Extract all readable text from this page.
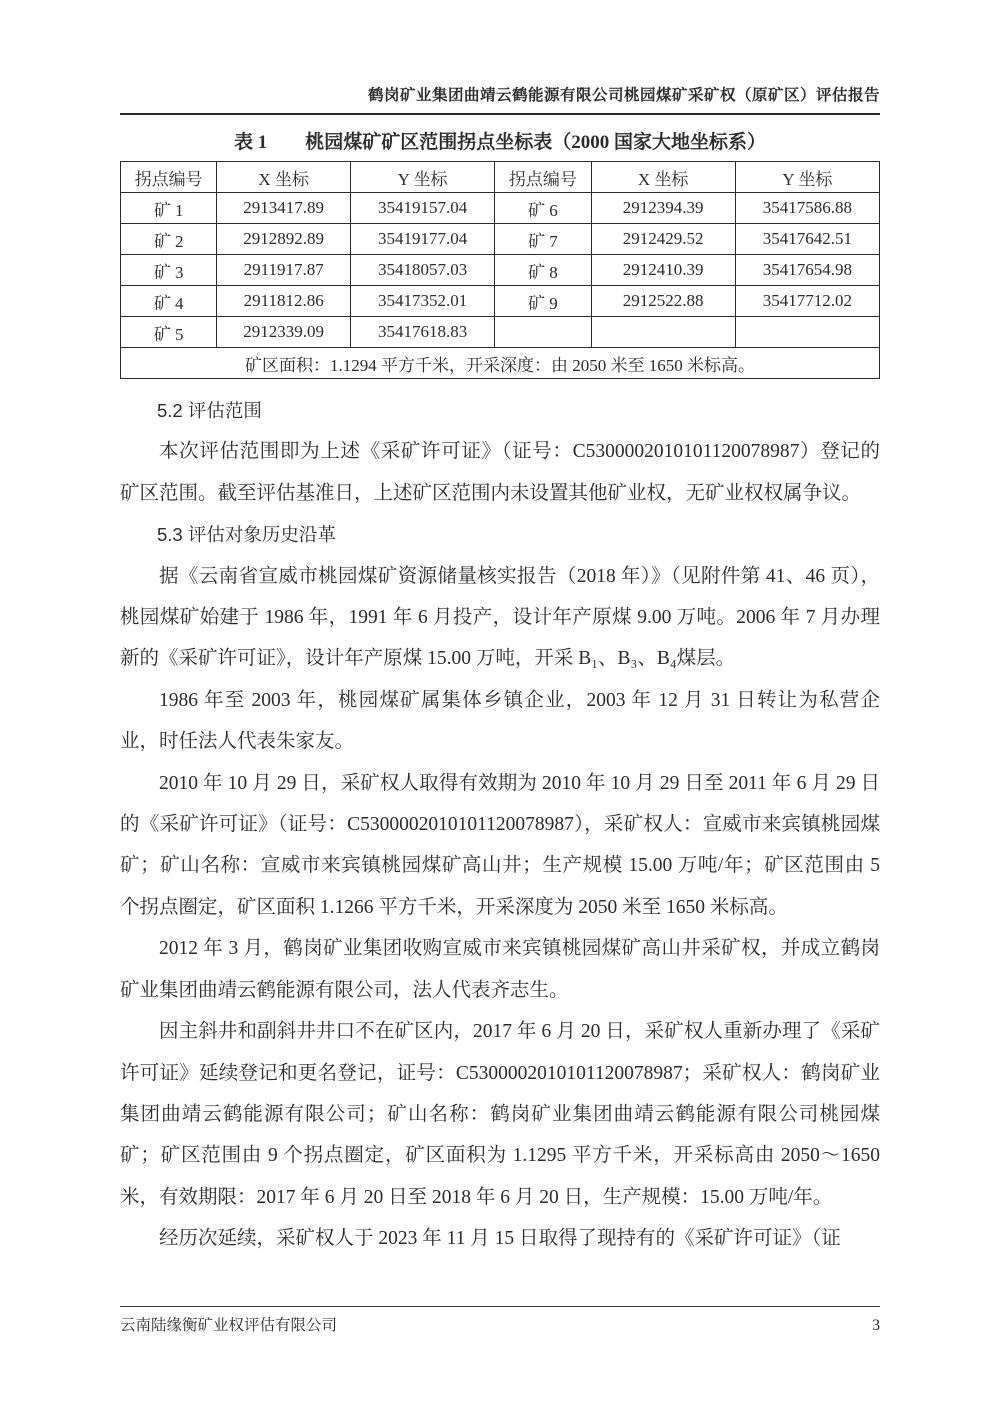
鹤岗矿业集团曲靖云鹤能源有限公司桃园煤矿采矿权（原矿区）评估报告
表 1　　桃园煤矿矿区范围拐点坐标表（2000 国家大地坐标系）
拐点编号	X 坐标	Y 坐标	拐点编号	X 坐标	Y 坐标
矿 1	2913417.89	35419157.04	矿 6	2912394.39	35417586.88
矿 2	2912892.89	35419177.04	矿 7	2912429.52	35417642.51
矿 3	2911917.87	35418057.03	矿 8	2912410.39	35417654.98
矿 4	2911812.86	35417352.01	矿 9	2912522.88	35417712.02
矿 5	2912339.09	35417618.83			
矿区面积：1.1294 平方千米，开采深度：由 2050 米至 1650 米标高。					
5.2 评估范围
本次评估范围即为上述《采矿许可证》（证号：C5300002010101120078987）登记的矿区范围。截至评估基准日，上述矿区范围内未设置其他矿业权，无矿业权权属争议。
5.3 评估对象历史沿革
据《云南省宣威市桃园煤矿资源储量核实报告（2018 年）》（见附件第 41、46 页），桃园煤矿始建于 1986 年，1991 年 6 月投产，设计年产原煤 9.00 万吨。2006 年 7 月办理新的《采矿许可证》，设计年产原煤 15.00 万吨，开采 B₁、B₃、B₄煤层。
1986 年至 2003 年，桃园煤矿属集体乡镇企业，2003 年 12 月 31 日转让为私营企业，时任法人代表朱家友。
2010 年 10 月 29 日，采矿权人取得有效期为 2010 年 10 月 29 日至 2011 年 6 月 29 日的《采矿许可证》（证号：C5300002010101120078987），采矿权人：宣威市来宾镇桃园煤矿；矿山名称：宣威市来宾镇桃园煤矿高山井；生产规模 15.00 万吨/年；矿区范围由 5 个拐点圈定，矿区面积 1.1266 平方千米，开采深度为 2050 米至 1650 米标高。
2012 年 3 月，鹤岗矿业集团收购宣威市来宾镇桃园煤矿高山井采矿权，并成立鹤岗矿业集团曲靖云鹤能源有限公司，法人代表齐志生。
因主斜井和副斜井井口不在矿区内，2017 年 6 月 20 日，采矿权人重新办理了《采矿许可证》延续登记和更名登记，证号：C5300002010101120078987；采矿权人：鹤岗矿业集团曲靖云鹤能源有限公司；矿山名称：鹤岗矿业集团曲靖云鹤能源有限公司桃园煤矿；矿区范围由 9 个拐点圈定，矿区面积为 1.1295 平方千米，开采标高由 2050～1650 米，有效期限：2017 年 6 月 20 日至 2018 年 6 月 20 日，生产规模：15.00 万吨/年。
经历次延续，采矿权人于 2023 年 11 月 15 日取得了现持有的《采矿许可证》（证
云南陆缘衡矿业权评估有限公司	3
